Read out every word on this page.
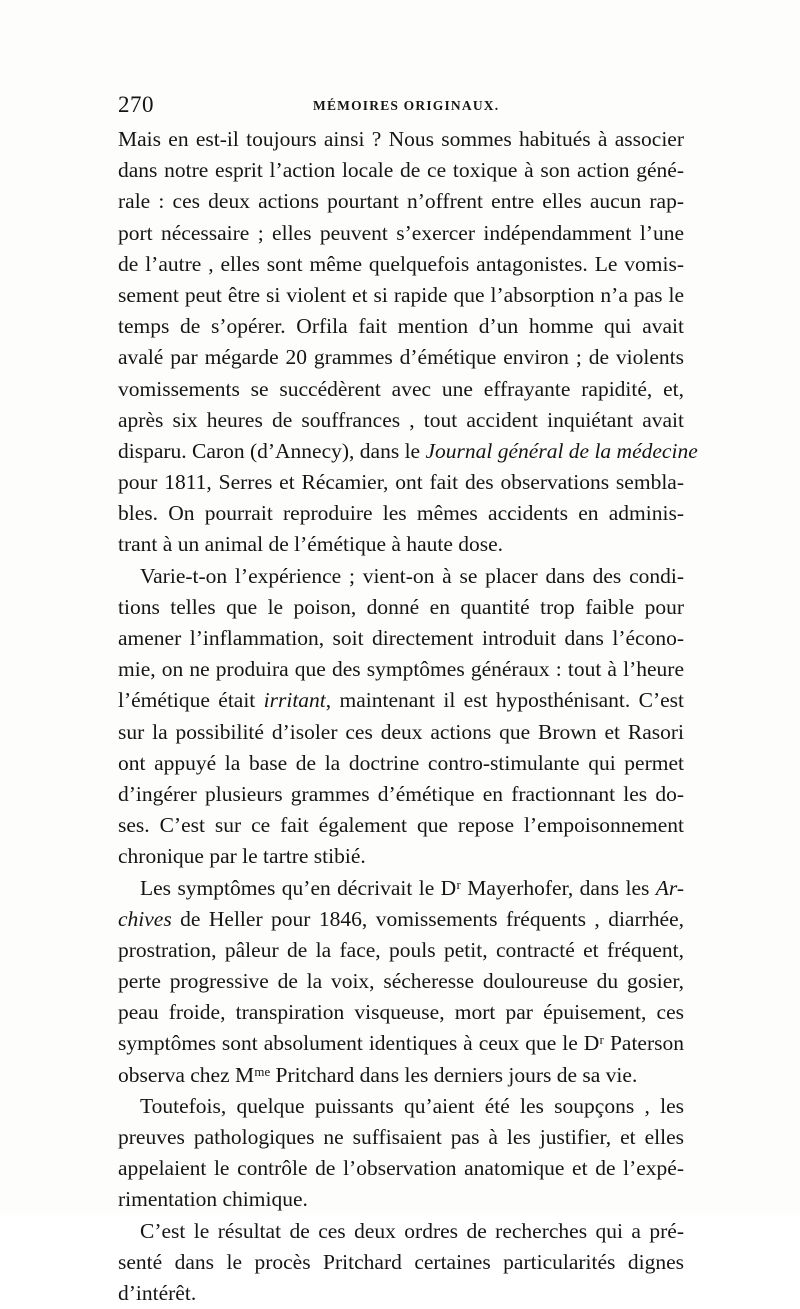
270	MÉMOIRES ORIGINAUX.
Mais en est-il toujours ainsi ? Nous sommes habitués à associer
dans notre esprit l’action locale de ce toxique à son action géné-
rale : ces deux actions pourtant n’offrent entre elles aucun rap-
port nécessaire ; elles peuvent s’exercer indépendamment l’une
de l’autre , elles sont même quelquefois antagonistes. Le vomis-
sement peut être si violent et si rapide que l’absorption n’a pas le
temps de s’opérer. Orfila fait mention d’un homme qui avait
avalé par mégarde 20 grammes d’émétique environ ; de violents
vomissements se succédèrent avec une effrayante rapidité, et,
après six heures de souffrances , tout accident inquiétant avait
disparu. Caron (d’Annecy), dans le Journal général de la médecine
pour 1811, Serres et Récamier, ont fait des observations sembla-
bles. On pourrait reproduire les mêmes accidents en adminis-
trant à un animal de l’émétique à haute dose.
Varie-t-on l’expérience ; vient-on à se placer dans des condi-
tions telles que le poison, donné en quantité trop faible pour
amener l’inflammation, soit directement introduit dans l’écono-
mie, on ne produira que des symptômes généraux : tout à l’heure
l’émétique était irritant, maintenant il est hyposthénisant. C’est
sur la possibilité d’isoler ces deux actions que Brown et Rasori
ont appuyé la base de la doctrine contro-stimulante qui permet
d’ingérer plusieurs grammes d’émétique en fractionnant les do-
ses. C’est sur ce fait également que repose l’empoisonnement
chronique par le tartre stibié.
Les symptômes qu’en décrivait le Dʳ Mayerhofer, dans les Ar-
chives de Heller pour 1846, vomissements fréquents , diarrhée,
prostration, pâleur de la face, pouls petit, contracté et fréquent,
perte progressive de la voix, sécheresse douloureuse du gosier,
peau froide, transpiration visqueuse, mort par épuisement, ces
symptômes sont absolument identiques à ceux que le Dʳ Paterson
observa chez Mᵐᵉ Pritchard dans les derniers jours de sa vie.
Toutefois, quelque puissants qu’aient été les soupçons , les
preuves pathologiques ne suffisaient pas à les justifier, et elles
appelaient le contrôle de l’observation anatomique et de l’expé-
rimentation chimique.
C’est le résultat de ces deux ordres de recherches qui a pré-
senté dans le procès Pritchard certaines particularités dignes
d’intérêt.
